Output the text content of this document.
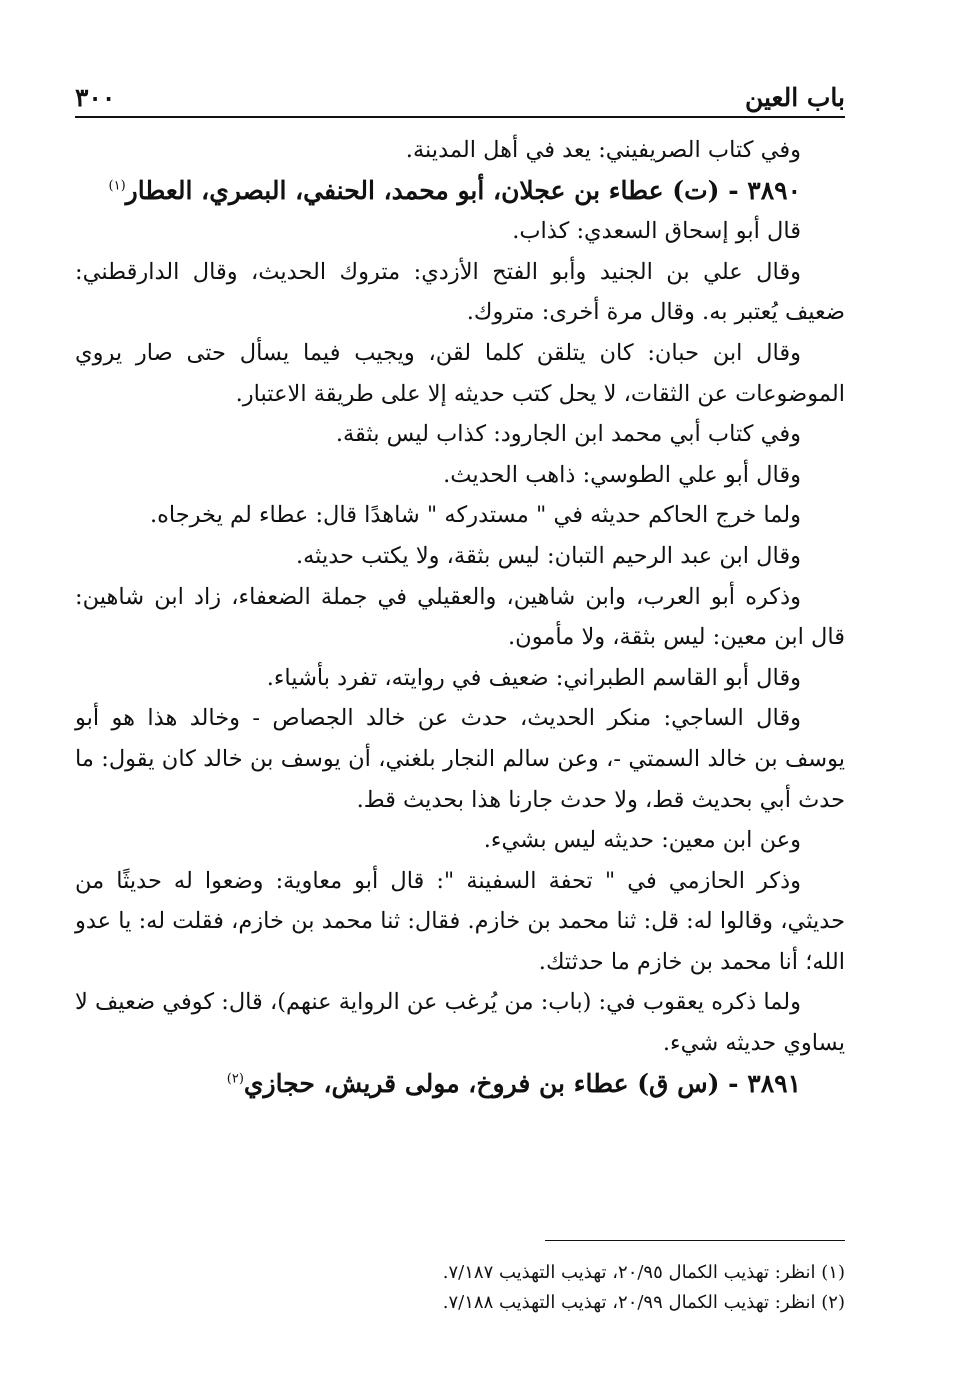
٣٠٠	باب العين

وفي كتاب الصريفيني: يعد في أهل المدينة.

٣٨٩٠ - (ت) عطاء بن عجلان، أبو محمد، الحنفي، البصري، العطار$^{(١)}$

قال أبو إسحاق السعدي: كذاب.

وقال علي بن الجنيد وأبو الفتح الأزدي: متروك الحديث، وقال الدارقطني: ضعيف يُعتبر به. وقال مرة أخرى: متروك.

وقال ابن حبان: كان يتلقن كلما لقن، ويجيب فيما يسأل حتى صار يروي الموضوعات عن الثقات، لا يحل كتب حديثه إلا على طريقة الاعتبار.

وفي كتاب أبي محمد ابن الجارود: كذاب ليس بثقة.

وقال أبو علي الطوسي: ذاهب الحديث.

ولما خرج الحاكم حديثه في " مستدركه " شاهدًا قال: عطاء لم يخرجاه.

وقال ابن عبد الرحيم التبان: ليس بثقة، ولا يكتب حديثه.

وذكره أبو العرب، وابن شاهين، والعقيلي في جملة الضعفاء، زاد ابن شاهين: قال ابن معين: ليس بثقة، ولا مأمون.

وقال أبو القاسم الطبراني: ضعيف في روايته، تفرد بأشياء.

وقال الساجي: منكر الحديث، حدث عن خالد الجصاص - وخالد هذا هو أبو يوسف بن خالد السمتي -، وعن سالم النجار بلغني، أن يوسف بن خالد كان يقول: ما حدث أبي بحديث قط، ولا حدث جارنا هذا بحديث قط.

وعن ابن معين: حديثه ليس بشيء.

وذكر الحازمي في " تحفة السفينة ": قال أبو معاوية: وضعوا له حديثًا من حديثي، وقالوا له: قل: ثنا محمد بن خازم. فقال: ثنا محمد بن خازم، فقلت له: يا عدو الله؛ أنا محمد بن خازم ما حدثتك.

ولما ذكره يعقوب في: (باب: من يُرغب عن الرواية عنهم)، قال: كوفي ضعيف لا يساوي حديثه شيء.

٣٨٩١ - (س ق) عطاء بن فروخ، مولى قريش، حجازي$^{(٢)}$

(١) انظر: تهذيب الكمال ٢٠/٩٥، تهذيب التهذيب ٧/١٨٧.
(٢) انظر: تهذيب الكمال ٢٠/٩٩، تهذيب التهذيب ٧/١٨٨.
